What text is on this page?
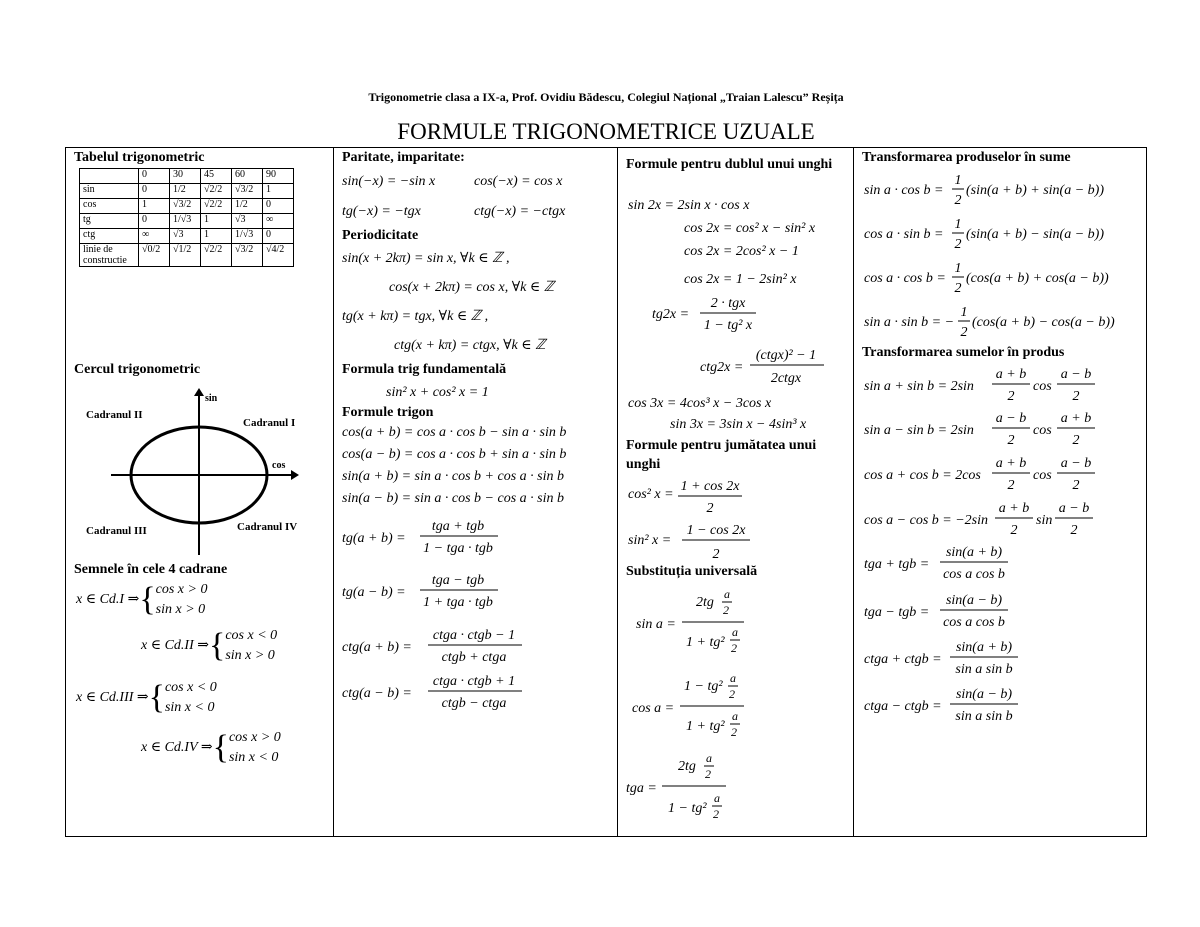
Trigonometrie clasa a IX-a, Prof. Ovidiu Bădescu, Colegiul Național „Traian Lalescu” Reșița
FORMULE TRIGONOMETRICE UZUALE
Tabelul trigonometric
	0	30	45	60	90
sin	0	1/2	√2/2	√3/2	1
cos	1	√3/2	√2/2	1/2	0
tg	0	1/√3	1	√3	∞
ctg	∞	√3	1	1/√3	0
linie de constructie	√0/2	√1/2	√2/2	√3/2	√4/2
Cercul trigonometric
sin
cos
Cadranul II
Cadranul I
Cadranul III	Cadranul IV
Semnele în cele 4 cadrane
x ∈ Cd.I ⇒{cos x > 0
sin x > 0
x ∈ Cd.II ⇒{cos x < 0
sin x > 0
x ∈ Cd.III ⇒{cos x < 0
sin x < 0
x ∈ Cd.IV ⇒{cos x > 0
sin x < 0
Paritate, imparitate:
sin(−x) = −sin x	cos(−x) = cos x
tg(−x) = −tgx	ctg(−x) = −ctgx
Periodicitate
sin(x + 2kπ) = sin x, ∀k ∈ ℤ ,
cos(x + 2kπ) = cos x, ∀k ∈ ℤ
tg(x + kπ) = tgx, ∀k ∈ ℤ ,
ctg(x + kπ) = ctgx, ∀k ∈ ℤ
Formula trig fundamentală
sin² x + cos² x = 1
Formule trigon
cos(a + b) = cos a · cos b − sin a · sin b
cos(a − b) = cos a · cos b + sin a · sin b
sin(a + b) = sin a · cos b + cos a · sin b
sin(a − b) = sin a · cos b − cos a · sin b
tg(a + b) =
tga + tgb
1 − tga · tgb
tg(a − b) =
tga − tgb
1 + tga · tgb
ctg(a + b) =
ctga · ctgb − 1
ctgb + ctga
ctg(a − b) =
ctga · ctgb + 1
ctgb − ctga
Formule pentru dublul unui unghi
sin 2x = 2sin x · cos x
cos 2x = cos² x − sin² x
cos 2x = 2cos² x − 1
cos 2x = 1 − 2sin² x
tg2x =
2 · tgx
1 − tg² x
ctg2x =
(ctgx)² − 1
2ctgx
cos 3x = 4cos³ x − 3cos x
sin 3x = 3sin x − 4sin³ x
Formule pentru jumătatea unui unghi
cos² x =
1 + cos 2x
2
sin² x =
1 − cos 2x
2
Substituția universală
sin a =
2tg
a
2
1 + tg²
a
2
cos a =
1 − tg²
a
2
1 + tg²
a
2
tga =
2tg
a
2
1 − tg²
a
2
Transformarea produselor în sume
sin a · cos b =
1
2
(sin(a + b) + sin(a − b))
cos a · sin b =
1
2
(sin(a + b) − sin(a − b))
cos a · cos b =
1
2
(cos(a + b) + cos(a − b))
sin a · sin b = −
1
2
(cos(a + b) − cos(a − b))
Transformarea sumelor în produs
sin a + sin b = 2sin
a + b
2
cos
a − b
2
sin a − sin b = 2sin
a − b
2
cos
a + b
2
cos a + cos b = 2cos
a + b
2
cos
a − b
2
cos a − cos b = −2sin
a + b
2
sin
a − b
2
tga + tgb =
sin(a + b)
cos a cos b
tga − tgb =
sin(a − b)
cos a cos b
ctga + ctgb =
sin(a + b)
sin a sin b
ctga − ctgb =
sin(a − b)
sin a sin b
